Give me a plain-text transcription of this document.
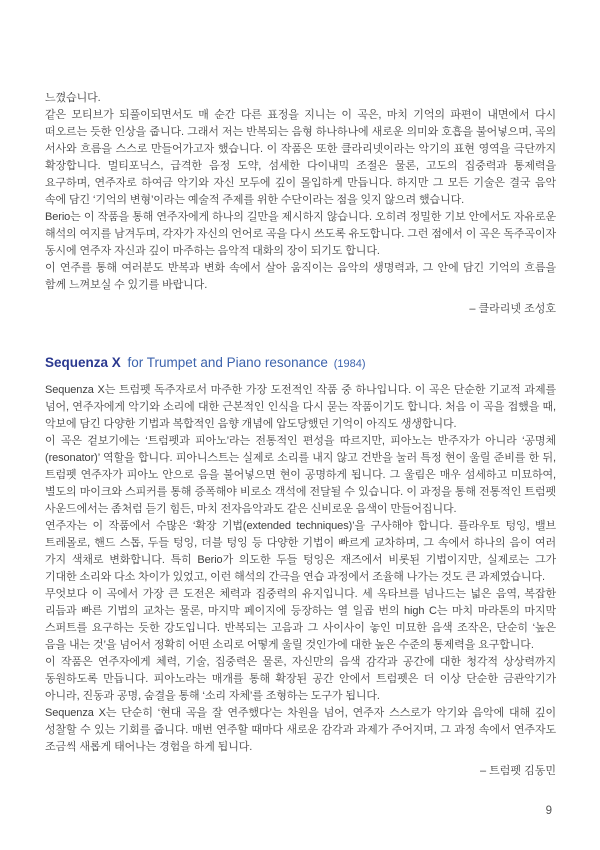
느꼈습니다.

같은 모티브가 되풀이되면서도 매 순간 다른 표정을 지니는 이 곡은, 마치 기억의 파편이 내면에서 다시 떠오르는 듯한 인상을 줍니다. 그래서 저는 반복되는 음형 하나하나에 새로운 의미와 호흡을 불어넣으며, 곡의 서사와 흐름을 스스로 만들어가고자 했습니다. 이 작품은 또한 클라리넷이라는 악기의 표현 영역을 극단까지 확장합니다. 멀티포닉스, 급격한 음정 도약, 섬세한 다이내믹 조절은 물론, 고도의 집중력과 통제력을 요구하며, 연주자로 하여금 악기와 자신 모두에 깊이 몰입하게 만듭니다. 하지만 그 모든 기술은 결국 음악 속에 담긴 ‘기억의 변형’이라는 예술적 주제를 위한 수단이라는 점을 잊지 않으려 했습니다.

Berio는 이 작품을 통해 연주자에게 하나의 길만을 제시하지 않습니다. 오히려 정밀한 기보 안에서도 자유로운 해석의 여지를 남겨두며, 각자가 자신의 언어로 곡을 다시 쓰도록 유도합니다. 그런 점에서 이 곡은 독주곡이자 동시에 연주자 자신과 깊이 마주하는 음악적 대화의 장이 되기도 합니다.

이 연주를 통해 여러분도 반복과 변화 속에서 살아 움직이는 음악의 생명력과, 그 안에 담긴 기억의 흐름을 함께 느껴보실 수 있기를 바랍니다.

– 클라리넷 조성호

Sequenza X for Trumpet and Piano resonance (1984)

Sequenza X는 트럼펫 독주자로서 마주한 가장 도전적인 작품 중 하나입니다. 이 곡은 단순한 기교적 과제를 넘어, 연주자에게 악기와 소리에 대한 근본적인 인식을 다시 묻는 작품이기도 합니다. 처음 이 곡을 접했을 때, 악보에 담긴 다양한 기법과 복합적인 음향 개념에 압도당했던 기억이 아직도 생생합니다.

이 곡은 겉보기에는 ‘트럼펫과 피아노’라는 전통적인 편성을 따르지만, 피아노는 반주자가 아니라 ‘공명체(resonator)’ 역할을 합니다. 피아니스트는 실제로 소리를 내지 않고 건반을 눌러 특정 현이 울릴 준비를 한 뒤, 트럼펫 연주자가 피아노 안으로 음을 불어넣으면 현이 공명하게 됩니다. 그 울림은 매우 섬세하고 미묘하여, 별도의 마이크와 스피커를 통해 증폭해야 비로소 객석에 전달될 수 있습니다. 이 과정을 통해 전통적인 트럼펫 사운드에서는 좀처럼 듣기 힘든, 마치 전자음악과도 같은 신비로운 음색이 만들어집니다.

연주자는 이 작품에서 수많은 ‘확장 기법(extended techniques)’을 구사해야 합니다. 플라우토 텅잉, 밸브 트레몰로, 핸드 스톱, 두들 텅잉, 더블 텅잉 등 다양한 기법이 빠르게 교차하며, 그 속에서 하나의 음이 여러 가지 색채로 변화합니다. 특히 Berio가 의도한 두들 텅잉은 재즈에서 비롯된 기법이지만, 실제로는 그가 기대한 소리와 다소 차이가 있었고, 이런 해석의 간극을 연습 과정에서 조율해 나가는 것도 큰 과제였습니다.

무엇보다 이 곡에서 가장 큰 도전은 체력과 집중력의 유지입니다. 세 옥타브를 넘나드는 넓은 음역, 복잡한 리듬과 빠른 기법의 교차는 물론, 마지막 페이지에 등장하는 열 일곱 번의 high C는 마치 마라톤의 마지막 스퍼트를 요구하는 듯한 강도입니다. 반복되는 고음과 그 사이사이 놓인 미묘한 음색 조작은, 단순히 ‘높은 음을 내는 것’을 넘어서 정확히 어떤 소리로 어떻게 울릴 것인가에 대한 높은 수준의 통제력을 요구합니다.

이 작품은 연주자에게 체력, 기술, 집중력은 물론, 자신만의 음색 감각과 공간에 대한 청각적 상상력까지 동원하도록 만듭니다. 피아노라는 매개를 통해 확장된 공간 안에서 트럼펫은 더 이상 단순한 금관악기가 아니라, 진동과 공명, 숨결을 통해 ‘소리 자체’를 조형하는 도구가 됩니다.

Sequenza X는 단순히 ‘현대 곡을 잘 연주했다’는 차원을 넘어, 연주자 스스로가 악기와 음악에 대해 깊이 성찰할 수 있는 기회를 줍니다. 매번 연주할 때마다 새로운 감각과 과제가 주어지며, 그 과정 속에서 연주자도 조금씩 새롭게 태어나는 경험을 하게 됩니다.

– 트럼펫 김동민

9
